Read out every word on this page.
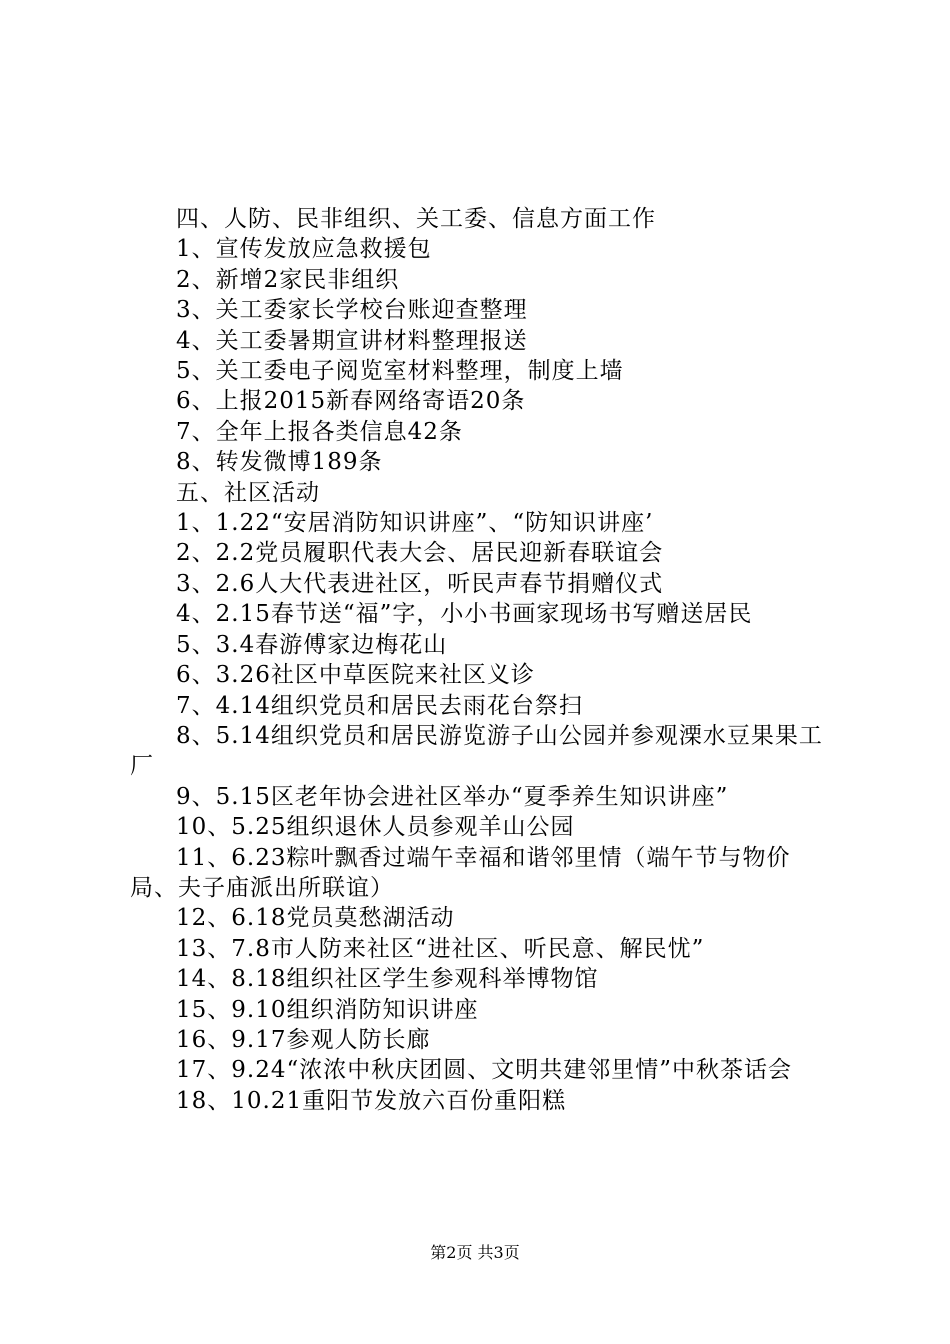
四、人防、民非组织、关工委、信息方面工作

1、宣传发放应急救援包

2、新增2家民非组织

3、关工委家长学校台账迎查整理

4、关工委暑期宣讲材料整理报送

5、关工委电子阅览室材料整理，制度上墙

6、上报2015新春网络寄语20条

7、全年上报各类信息42条

8、转发微博189条

五、社区活动

1、1.22“安居消防知识讲座”、“防知识讲座’

2、2.2党员履职代表大会、居民迎新春联谊会

3、2.6人大代表进社区，听民声春节捐赠仪式

4、2.15春节送“福”字，小小书画家现场书写赠送居民

5、3.4春游傅家边梅花山

6、3.26社区中草医院来社区义诊

7、4.14组织党员和居民去雨花台祭扫

8、5.14组织党员和居民游览游子山公园并参观溧水豆果果工厂

9、5.15区老年协会进社区举办“夏季养生知识讲座”

10、5.25组织退休人员参观羊山公园

11、6.23粽叶飘香过端午幸福和谐邻里情（端午节与物价局、夫子庙派出所联谊）

12、6.18党员莫愁湖活动

13、7.8市人防来社区“进社区、听民意、解民忧”

14、8.18组织社区学生参观科举博物馆

15、9.10组织消防知识讲座

16、9.17参观人防长廊

17、9.24“浓浓中秋庆团圆、文明共建邻里情”中秋茶话会

18、10.21重阳节发放六百份重阳糕

第2页 共3页
